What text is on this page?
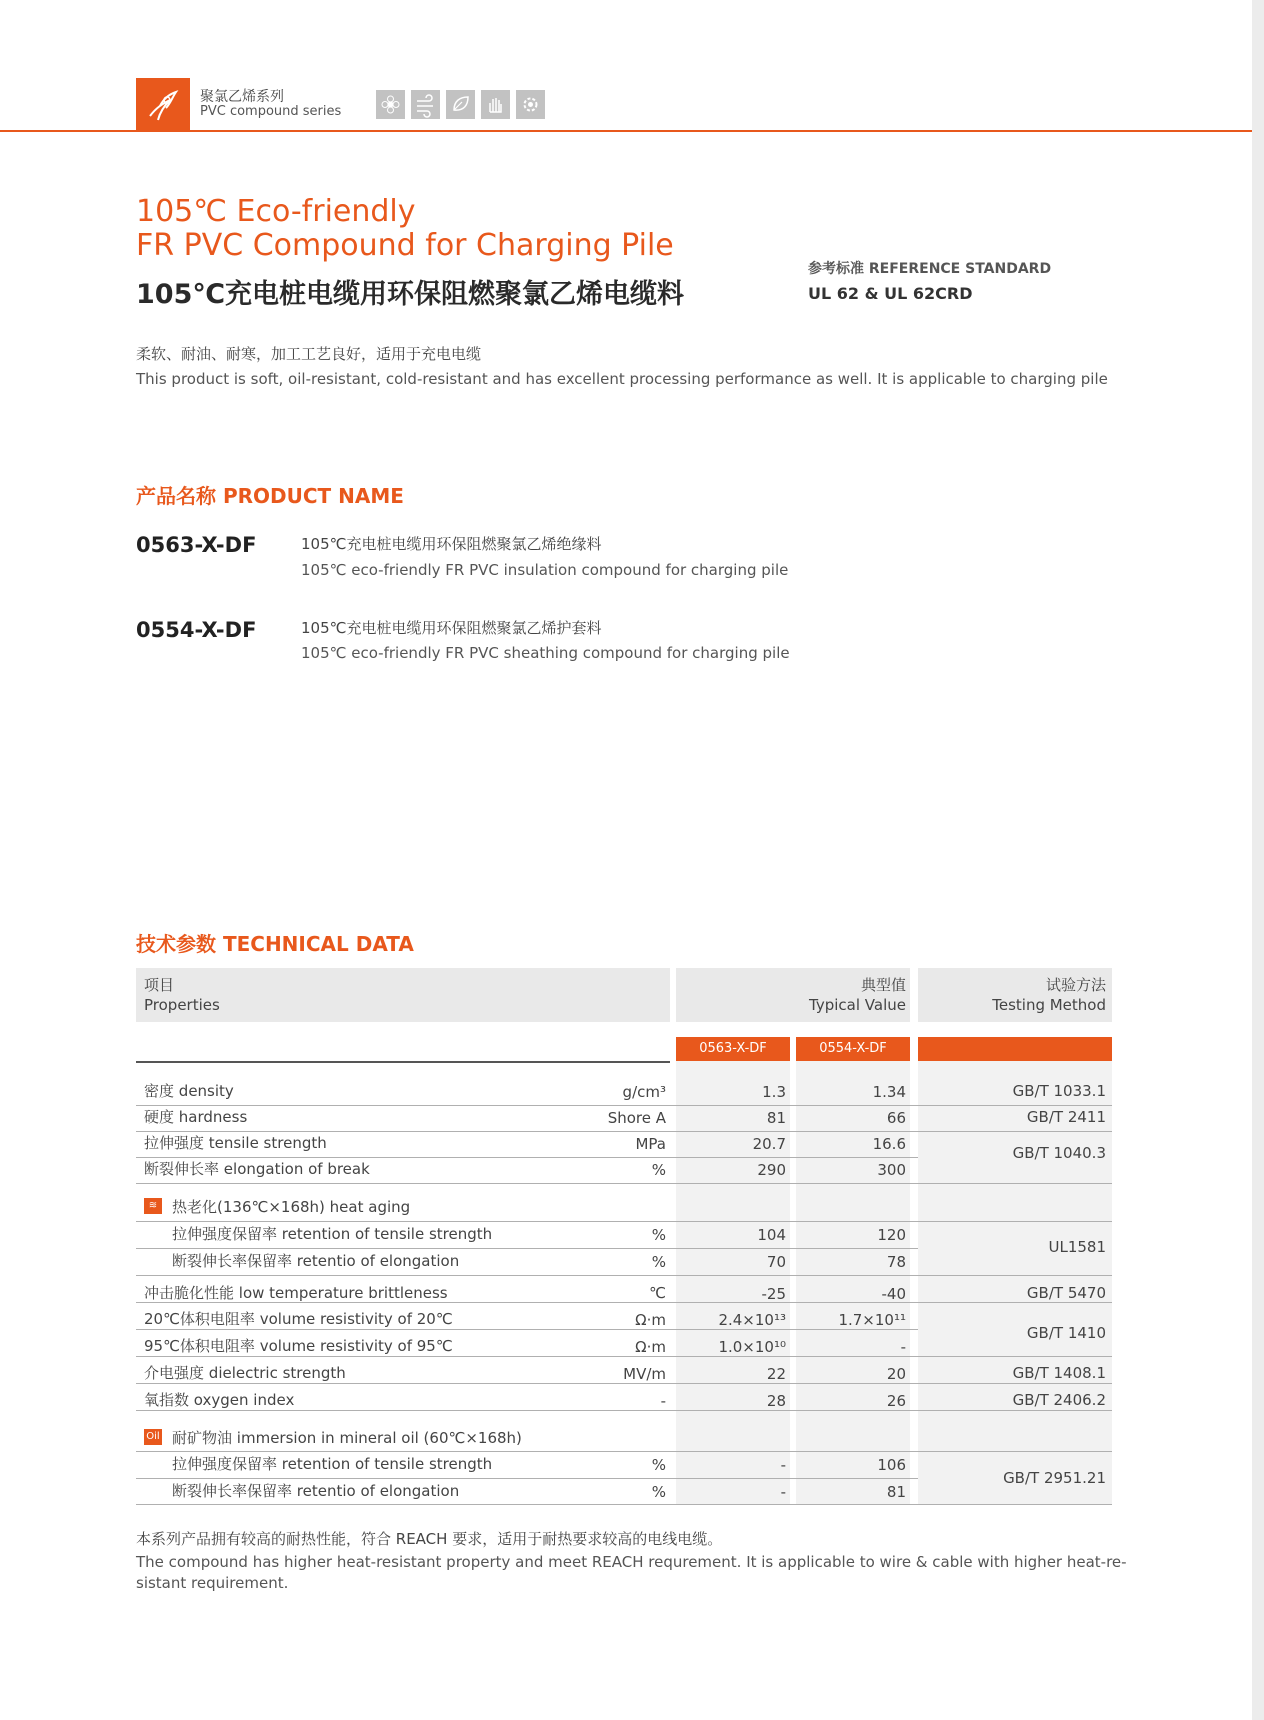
聚氯乙烯系列
PVC compound series
105℃ Eco-friendly
FR PVC Compound for Charging Pile
105℃充电桩电缆用环保阻燃聚氯乙烯电缆料
参考标准 REFERENCE STANDARD
UL 62 & UL 62CRD
柔软、耐油、耐寒，加工工艺良好，适用于充电电缆
This product is soft, oil-resistant, cold-resistant and has excellent processing performance as well. It is applicable to charging pile
产品名称 PRODUCT NAME
0563-X-DF	105℃充电桩电缆用环保阻燃聚氯乙烯绝缘料
105℃ eco-friendly FR PVC insulation compound for charging pile
0554-X-DF	105℃充电桩电缆用环保阻燃聚氯乙烯护套料
105℃ eco-friendly FR PVC sheathing compound for charging pile
技术参数 TECHNICAL DATA
项目
Properties
典型值
Typical Value
试验方法
Testing Method
0563-X-DF	0554-X-DF
密度 density	g/cm³	1.3	1.34	GB/T 1033.1
硬度 hardness	Shore A	81	66	GB/T 2411
拉伸强度 tensile strength	MPa	20.7	16.6	GB/T 1040.3
断裂伸长率 elongation of break	%	290	300
≋ 热老化(136℃×168h) heat aging
拉伸强度保留率 retention of tensile strength	%	104	120
UL1581
断裂伸长率保留率 retentio of elongation	%	70	78
冲击脆化性能 low temperature brittleness	℃	-25	-40	GB/T 5470
20℃体积电阻率 volume resistivity of 20℃	Ω·m	2.4×10¹³	1.7×10¹¹
GB/T 1410
95℃体积电阻率 volume resistivity of 95℃	Ω·m	1.0×10¹⁰	-
介电强度 dielectric strength	MV/m	22	20	GB/T 1408.1
氧指数 oxygen index	-	28	26	GB/T 2406.2
Oil 耐矿物油 immersion in mineral oil (60℃×168h)
拉伸强度保留率 retention of tensile strength	%	-	106
GB/T 2951.21
断裂伸长率保留率 retentio of elongation	%	-	81
本系列产品拥有较高的耐热性能，符合 REACH 要求，适用于耐热要求较高的电线电缆。
The compound has higher heat-resistant property and meet REACH requrement. It is applicable to wire & cable with higher heat-re-
sistant requirement.
